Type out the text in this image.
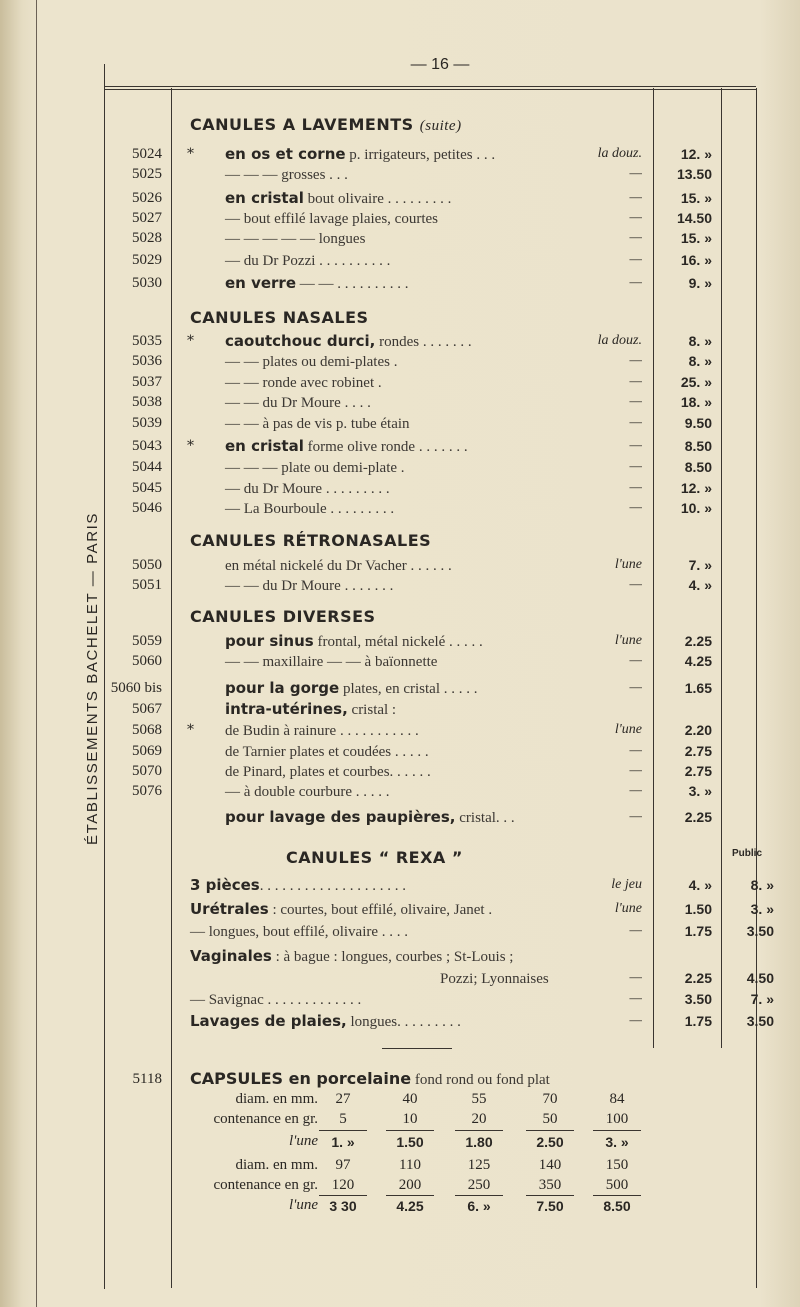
— 16 —
ÉTABLISSEMENTS BACHELET — PARIS
Public
CANULES A LAVEMENTS (suite)
CANULES NASALES
CANULES RÉTRONASALES
CANULES DIVERSES
CANULES “ REXA ”
5024 * en os et corne p. irrigateurs, petites . . .	la douz.	12. »
5025	— — — grosses . . .	—	13.50
5026	en cristal bout olivaire . . . . . . . . .	—	15. »
5027	— bout effilé lavage plaies, courtes	—	14.50
5028	— — — — — longues	—	15. »
5029	— du Dr Pozzi . . . . . . . . . .	—	16. »
5030	en verre — — . . . . . . . . . .	—	9. »
5035 * caoutchouc durci, rondes . . . . . . .	la douz.	8. »
5036	— — plates ou demi-plates .	—	8. »
5037	— — ronde avec robinet .	—	25. »
5038	— — du Dr Moure . . . .	—	18. »
5039	— — à pas de vis p. tube étain	—	9.50
5043 * en cristal forme olive ronde . . . . . . .	—	8.50
5044	— — — plate ou demi-plate .	—	8.50
5045	— du Dr Moure . . . . . . . . .	—	12. »
5046	— La Bourboule . . . . . . . . .	—	10. »
5050	en métal nickelé du Dr Vacher . . . . . .	l'une	7. »
5051	— — du Dr Moure . . . . . . .	—	4. »
5059	pour sinus frontal, métal nickelé . . . . .	l'une	2.25
5060	— — maxillaire — — à baïonnette	—	4.25
5060 bis	pour la gorge plates, en cristal . . . . .	—	1.65
5067	intra-utérines, cristal :
5068 * de Budin à rainure . . . . . . . . . . .	l'une	2.20
5069	de Tarnier plates et coudées . . . . .	—	2.75
5070	de Pinard, plates et courbes. . . . . .	—	2.75
5076	— à double courbure . . . . .	—	3. »
pour lavage des paupières, cristal. . .	—	2.25
3 pièces. . . . . . . . . . . . . . . . . . . .	le jeu	4. »	8. »
Urétrales : courtes, bout effilé, olivaire, Janet .	l'une	1.50	3. »
— longues, bout effilé, olivaire . . . .	—	1.75	3.50
Vaginales : à bague : longues, courbes ; St-Louis ;
Pozzi; Lyonnaises	—	2.25	4.50
— Savignac . . . . . . . . . . . . .	—	3.50	7. »
Lavages de plaies, longues. . . . . . . . .	—	1.75	3.50
5118 CAPSULES en porcelaine fond rond ou fond plat
diam. en mm.	27	40	55	70	84
contenance en gr.	5	10	20	50	100
l'une 1. »	1.50	1.80	2.50	3. »
diam. en mm.	97	110	125	140	150
contenance en gr. 120	200	250	350	500
l'une 3 30	4.25	6. »	7.50	8.50
